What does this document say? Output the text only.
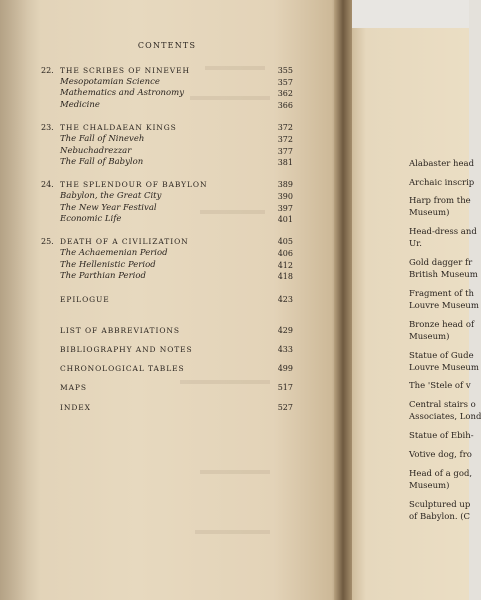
CONTENTS
22. THE SCRIBES OF NINEVEH	355
Mesopotamian Science	357
Mathematics and Astronomy	362
Medicine	366
23. THE CHALDAEAN KINGS	372
The Fall of Nineveh	372
Nebuchadrezzar	377
The Fall of Babylon	381
24. THE SPLENDOUR OF BABYLON	389
Babylon, the Great City	390
The New Year Festival	397
Economic Life	401
25. DEATH OF A CIVILIZATION	405
The Achaemenian Period	406
The Hellenistic Period	412
The Parthian Period	418
EPILOGUE	423
LIST OF ABBREVIATIONS	429
BIBLIOGRAPHY AND NOTES	433
CHRONOLOGICAL TABLES	499
MAPS	517
INDEX	527
Alabaster head
Archaic inscrip
Harp from the
Museum)
Head-dress and
Ur.
Gold dagger fr
British Museum
Fragment of th
Louvre Museum
Bronze head of
Museum)
Statue of Gude
Louvre Museum
The 'Stele of v
Central stairs o
Associates, Lond
Statue of Ebih-
Votive dog, fro
Head of a god,
Museum)
Sculptured up
of Babylon. (C
